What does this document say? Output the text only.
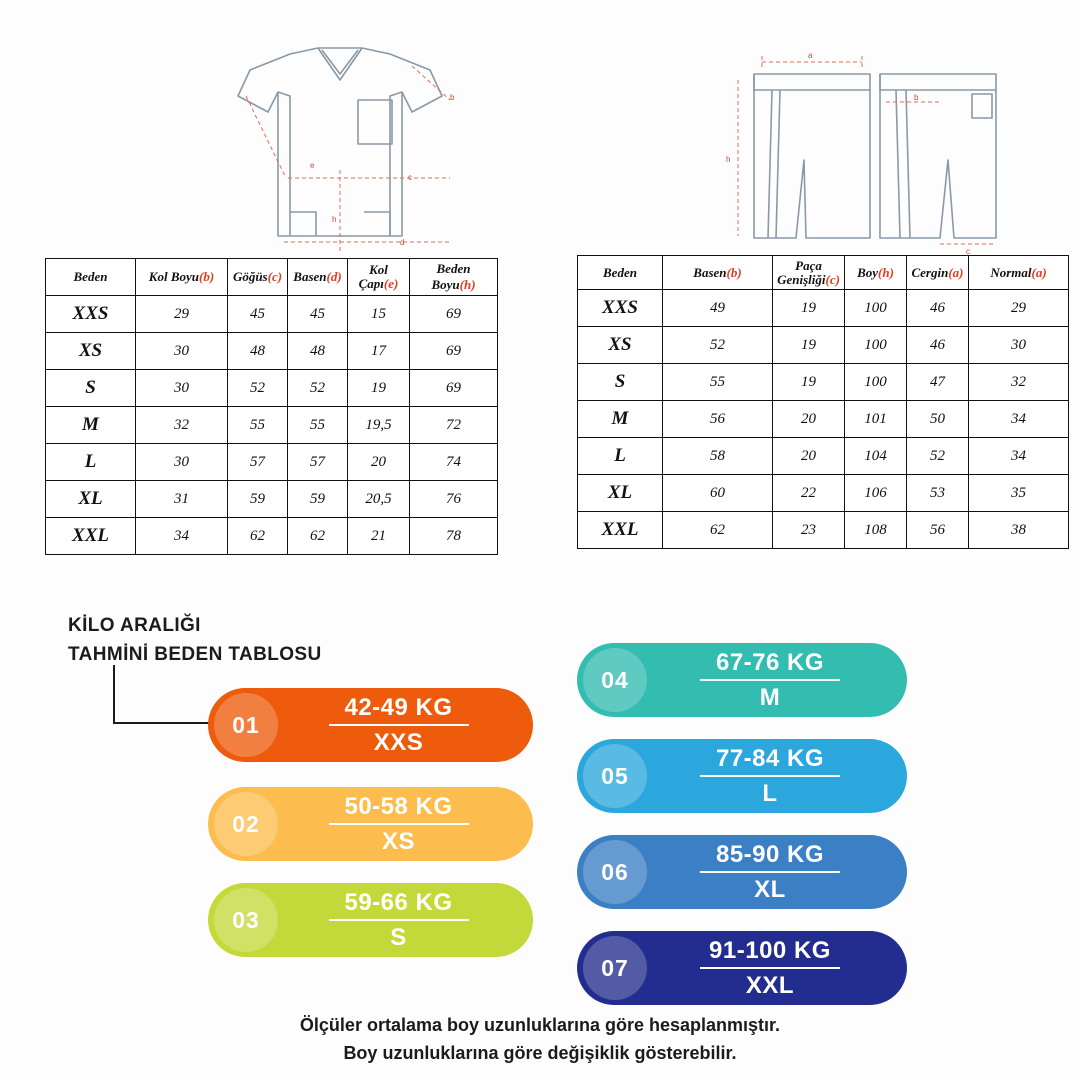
b
c
e
h
d
a
b
h
c
Beden	Kol Boyu(b)	Göğüs(c)	Basen(d)	Kol Çapı(e)	Beden Boyu(h)
XXS	29	45	45	15	69
XS	30	48	48	17	69
S	30	52	52	19	69
M	32	55	55	19,5	72
L	30	57	57	20	74
XL	31	59	59	20,5	76
XXL	34	62	62	21	78
Beden	Basen(b)	Paça Genişliği(c)	Boy(h)	Cergin(a)	Normal(a)
XXS	49	19	100	46	29
XS	52	19	100	46	30
S	55	19	100	47	32
M	56	20	101	50	34
L	58	20	104	52	34
XL	60	22	106	53	35
XXL	62	23	108	56	38
KİLO ARALIĞI
TAHMİNİ BEDEN TABLOSU
01
42-49 KG
XXS
02
50-58 KG
XS
03
59-66 KG
S
04
67-76 KG
M
05
77-84 KG
L
06
85-90 KG
XL
07
91-100 KG
XXL
Ölçüler ortalama boy uzunluklarına göre hesaplanmıştır.
Boy uzunluklarına göre değişiklik gösterebilir.
